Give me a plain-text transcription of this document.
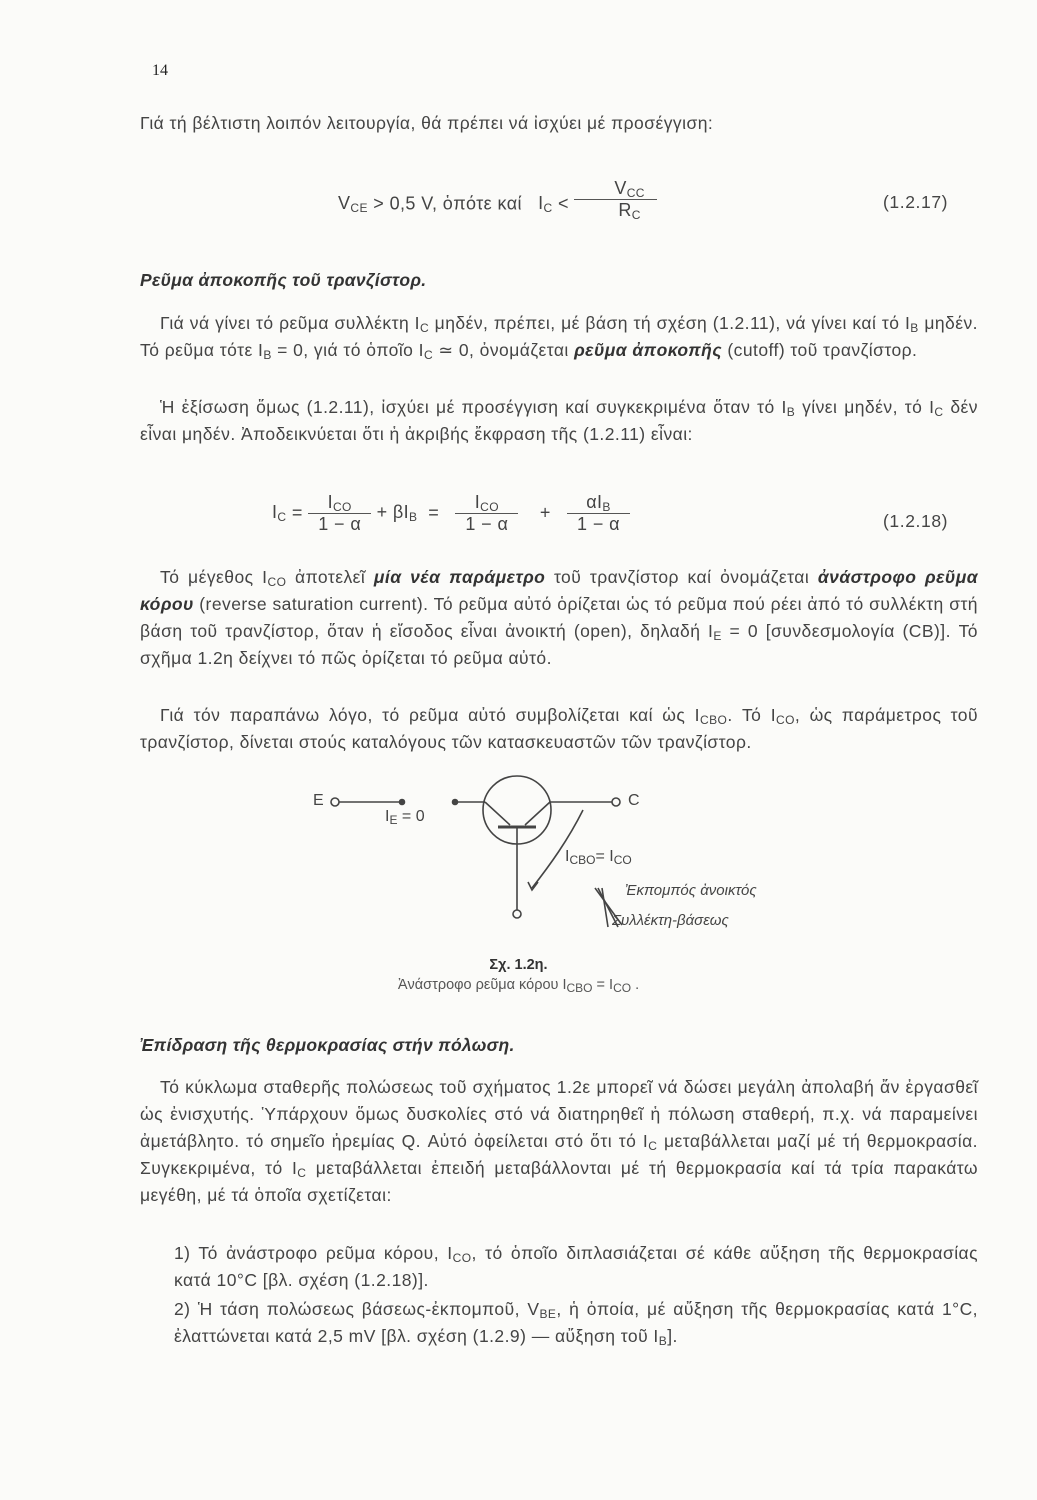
14
Γιά τή βέλτιστη λοιπόν λειτουργία, θά πρέπει νά ἰσχύει μέ προσέγγιση:
$V_{CE} > 0,5$ V, ὁπότε καί $I_C < \frac{V_{CC}}{R_C}$	(1.2.17)
Ρεῦμα ἀποκοπῆς τοῦ τρανζίστορ.
Γιά νά γίνει τό ρεῦμα συλλέκτη $I_C$ μηδέν, πρέπει, μέ βάση τή σχέση (1.2.11), νά γίνει καί τό $I_B$ μηδέν. Τό ρεῦμα τότε $I_B = 0$, γιά τό ὁποῖο $I_C$ ≃ 0, ὀνομάζεται ρεῦμα ἀποκοπῆς (cutoff) τοῦ τρανζίστορ.
Ἡ ἐξίσωση ὅμως (1.2.11), ἰσχύει μέ προσέγγιση καί συγκεκριμένα ὅταν τό $I_B$ γίνει μηδέν, τό $I_C$ δέν εἶναι μηδέν. Ἀποδεικνύεται ὅτι ἡ ἀκριβής ἔκφραση τῆς (1.2.11) εἶναι:
$I_C = \frac{I_{CO}}{1 - \alpha} + \beta I_B = \frac{I_{CO}}{1 - \alpha} + \frac{\alpha I_B}{1 - \alpha}$	(1.2.18)
Τό μέγεθος $I_{CO}$ ἀποτελεῖ μία νέα παράμετρο τοῦ τρανζίστορ καί ὀνομάζεται ἀνάστροφο ρεῦμα κόρου (reverse saturation current). Τό ρεῦμα αὐτό ὁρίζεται ὡς τό ρεῦμα πού ρέει ἀπό τό συλλέκτη στή βάση τοῦ τρανζίστορ, ὅταν ἡ εἴσοδος εἶναι ἀνοικτή (open), δηλαδή $I_E = 0$ [συνδεσμολογία (CB)]. Τό σχῆμα 1.2η δείχνει τό πῶς ὁρίζεται τό ρεῦμα αὐτό.
Γιά τόν παραπάνω λόγο, τό ρεῦμα αὐτό συμβολίζεται καί ὡς $I_{CBO}$. Τό $I_{CO}$, ὡς παράμετρος τοῦ τρανζίστορ, δίνεται στούς καταλόγους τῶν κατασκευαστῶν τῶν τρανζίστορ.
E	C
$I_E = 0$
$I_{CBO}= I_{CO}$
Ἐκπομπός ἀνοικτός
Συλλέκτη-βάσεως
Σχ. 1.2η.
Ἀνάστροφο ρεῦμα κόρου $I_{CBO} = I_{CO}$ .
Ἐπίδραση τῆς θερμοκρασίας στήν πόλωση.
Τό κύκλωμα σταθερῆς πολώσεως τοῦ σχήματος 1.2ε μπορεῖ νά δώσει μεγάλη ἀπολαβή ἄν ἐργασθεῖ ὡς ἐνισχυτής. Ὑπάρχουν ὅμως δυσκολίες στό νά διατηρηθεῖ ἡ πόλωση σταθερή, π.χ. νά παραμείνει ἀμετάβλητο. τό σημεῖο ἠρεμίας Q. Αὐτό ὀφείλεται στό ὅτι τό $I_C$ μεταβάλλεται μαζί μέ τή θερμοκρασία. Συγκεκριμένα, τό $I_C$ μεταβάλλεται ἐπειδή μεταβάλλονται μέ τή θερμοκρασία καί τά τρία παρακάτω μεγέθη, μέ τά ὁποῖα σχετίζεται:
1) Τό ἀνάστροφο ρεῦμα κόρου, $I_{CO}$, τό ὁποῖο διπλασιάζεται σέ κάθε αὔξηση τῆς θερμοκρασίας κατά 10°C [βλ. σχέση (1.2.18)].
2) Ἡ τάση πολώσεως βάσεως-ἐκπομποῦ, $V_{BE}$, ἡ ὁποία, μέ αὔξηση τῆς θερμοκρασίας κατά 1°C, ἐλαττώνεται κατά 2,5 mV [βλ. σχέση (1.2.9) — αὔξηση τοῦ $I_B$].
